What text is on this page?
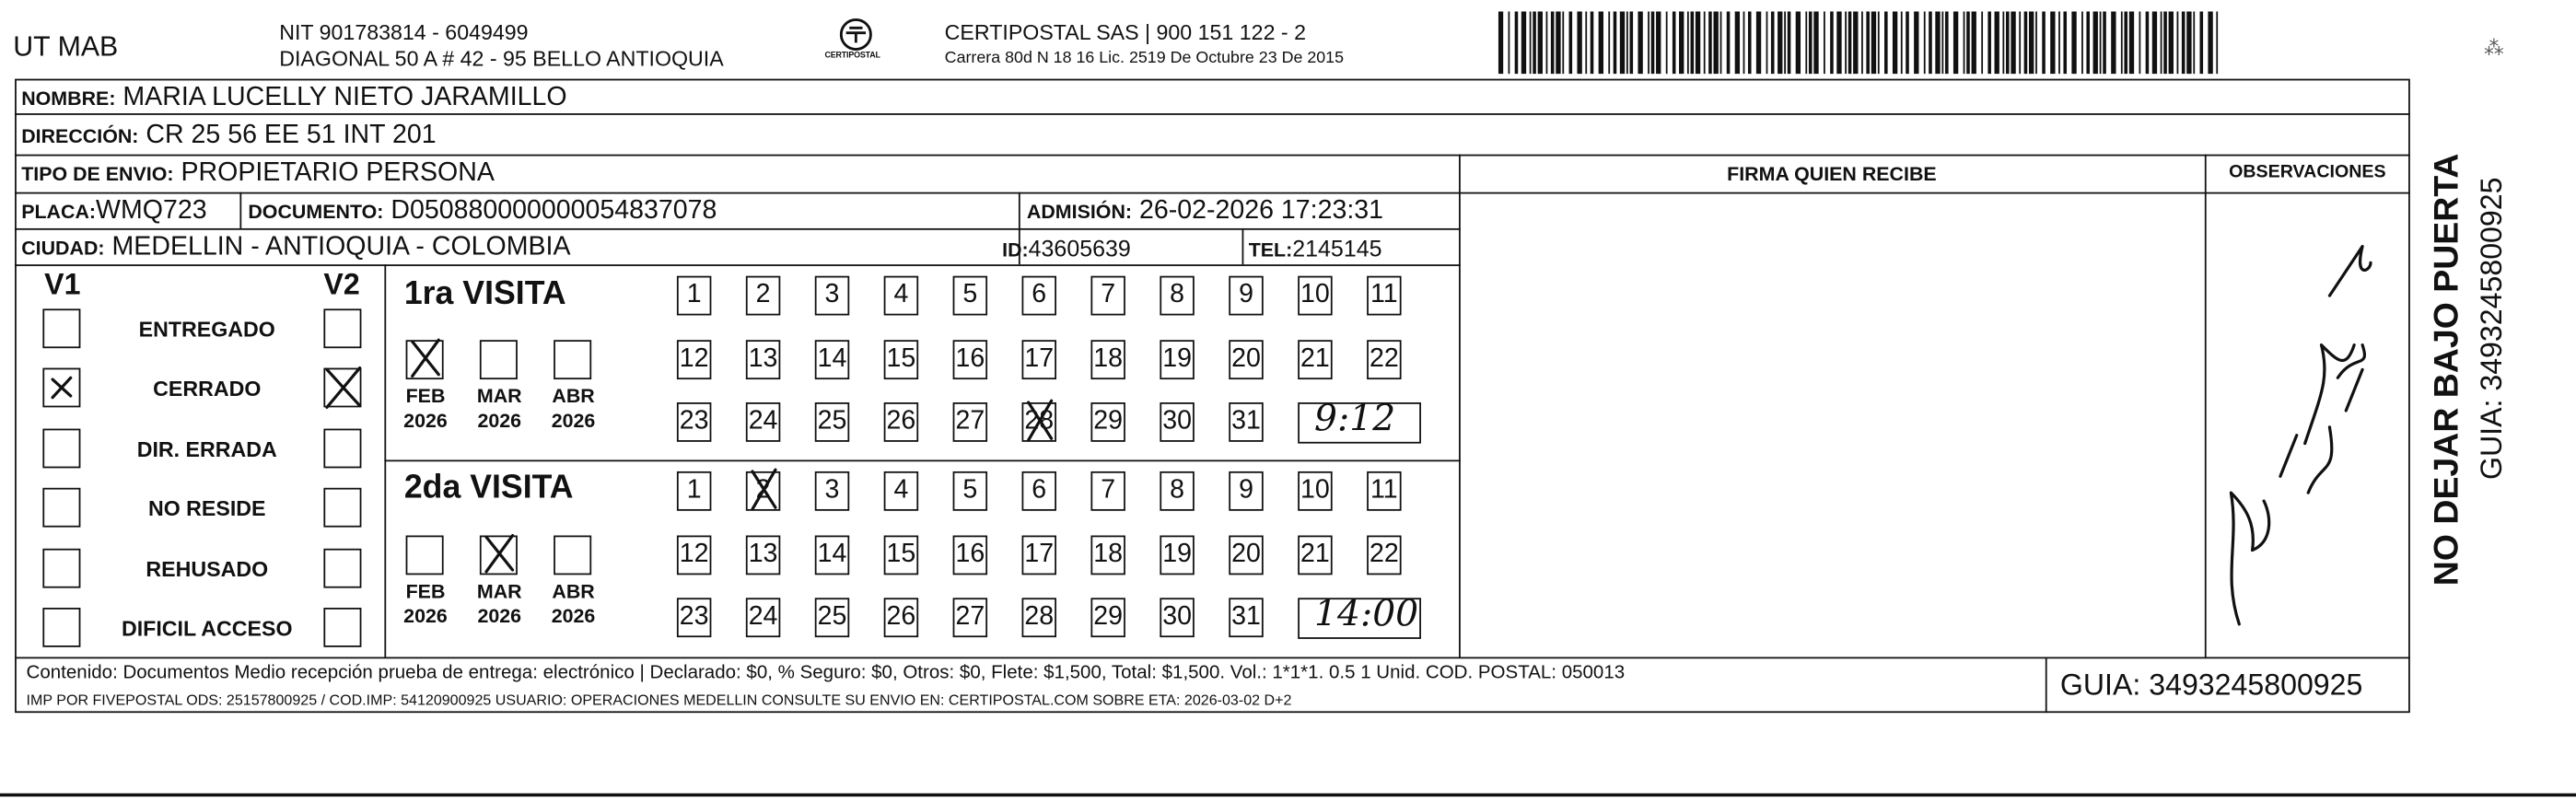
UT MAB	NIT 901783814 - 6049499
DIAGONAL 50 A # 42 - 95 BELLO ANTIOQUIA	CERTIPOSTAL
CERTIPOSTAL SAS | 900 151 122 - 2
Carrera 80d N 18 16 Lic. 2519 De Octubre 23 De 2015	⁂
NOMBRE: MARIA LUCELLY NIETO JARAMILLO
DIRECCIÓN: CR 25 56 EE 51 INT 201
TIPO DE ENVIO: PROPIETARIO PERSONA	FIRMA QUIEN RECIBE	OBSERVACIONES
PLACA:WMQ723	DOCUMENTO: D050880000000054837078	ADMISIÓN: 26-02-2026 17:23:31
CIUDAD: MEDELLIN - ANTIOQUIA - COLOMBIA	ID:43605639	TEL:2145145
V1	V2
ENTREGADO
CERRADO
DIR. ERRADA
NO RESIDE
REHUSADO
DIFICIL ACCESO
1ra VISITA
2da VISITA
FEB
2026
MAR
2026
ABR
2026
1	2	3	4	5	6	7	8	9	10	11
12	13	14	15	16	17	18	19	20	21	22
23	24	25	26	27	28	29	30	31	9:12
FEB
2026
MAR
2026
ABR
2026
1	2	3	4	5	6	7	8	9	10	11
12	13	14	15	16	17	18	19	20	21	22
23	24	25	26	27	28	29	30	31	14:00
Contenido: Documentos Medio recepción prueba de entrega: electrónico | Declarado: $0, % Seguro: $0, Otros: $0, Flete: $1,500, Total: $1,500. Vol.: 1*1*1. 0.5 1 Unid. COD. POSTAL: 050013
IMP POR FIVEPOSTAL ODS: 25157800925 / COD.IMP: 54120900925 USUARIO: OPERACIONES MEDELLIN CONSULTE SU ENVIO EN: CERTIPOSTAL.COM SOBRE ETA: 2026-03-02 D+2	GUIA: 3493245800925
NO DEJAR BAJO PUERTA GUIA: 3493245800925
